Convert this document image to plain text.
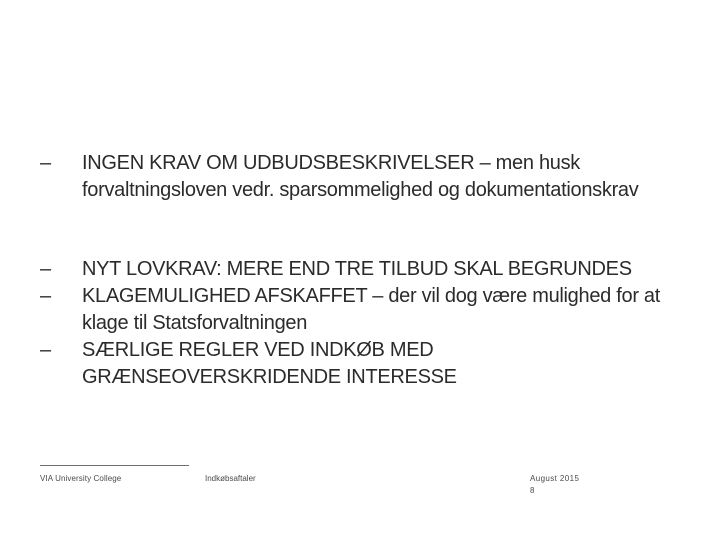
–	INGEN KRAV OM UDBUDSBESKRIVELSER – men husk forvaltningsloven vedr. sparsommelighed og dokumentationskrav
–	NYT LOVKRAV: MERE END TRE TILBUD SKAL BEGRUNDES
–	KLAGEMULIGHED AFSKAFFET – der vil dog være mulighed for at klage til Statsforvaltningen
–	SÆRLIGE REGLER VED INDKØB MED GRÆNSEOVERSKRIDENDE INTERESSE
VIA University College	Indkøbsaftaler	August 2015
8
